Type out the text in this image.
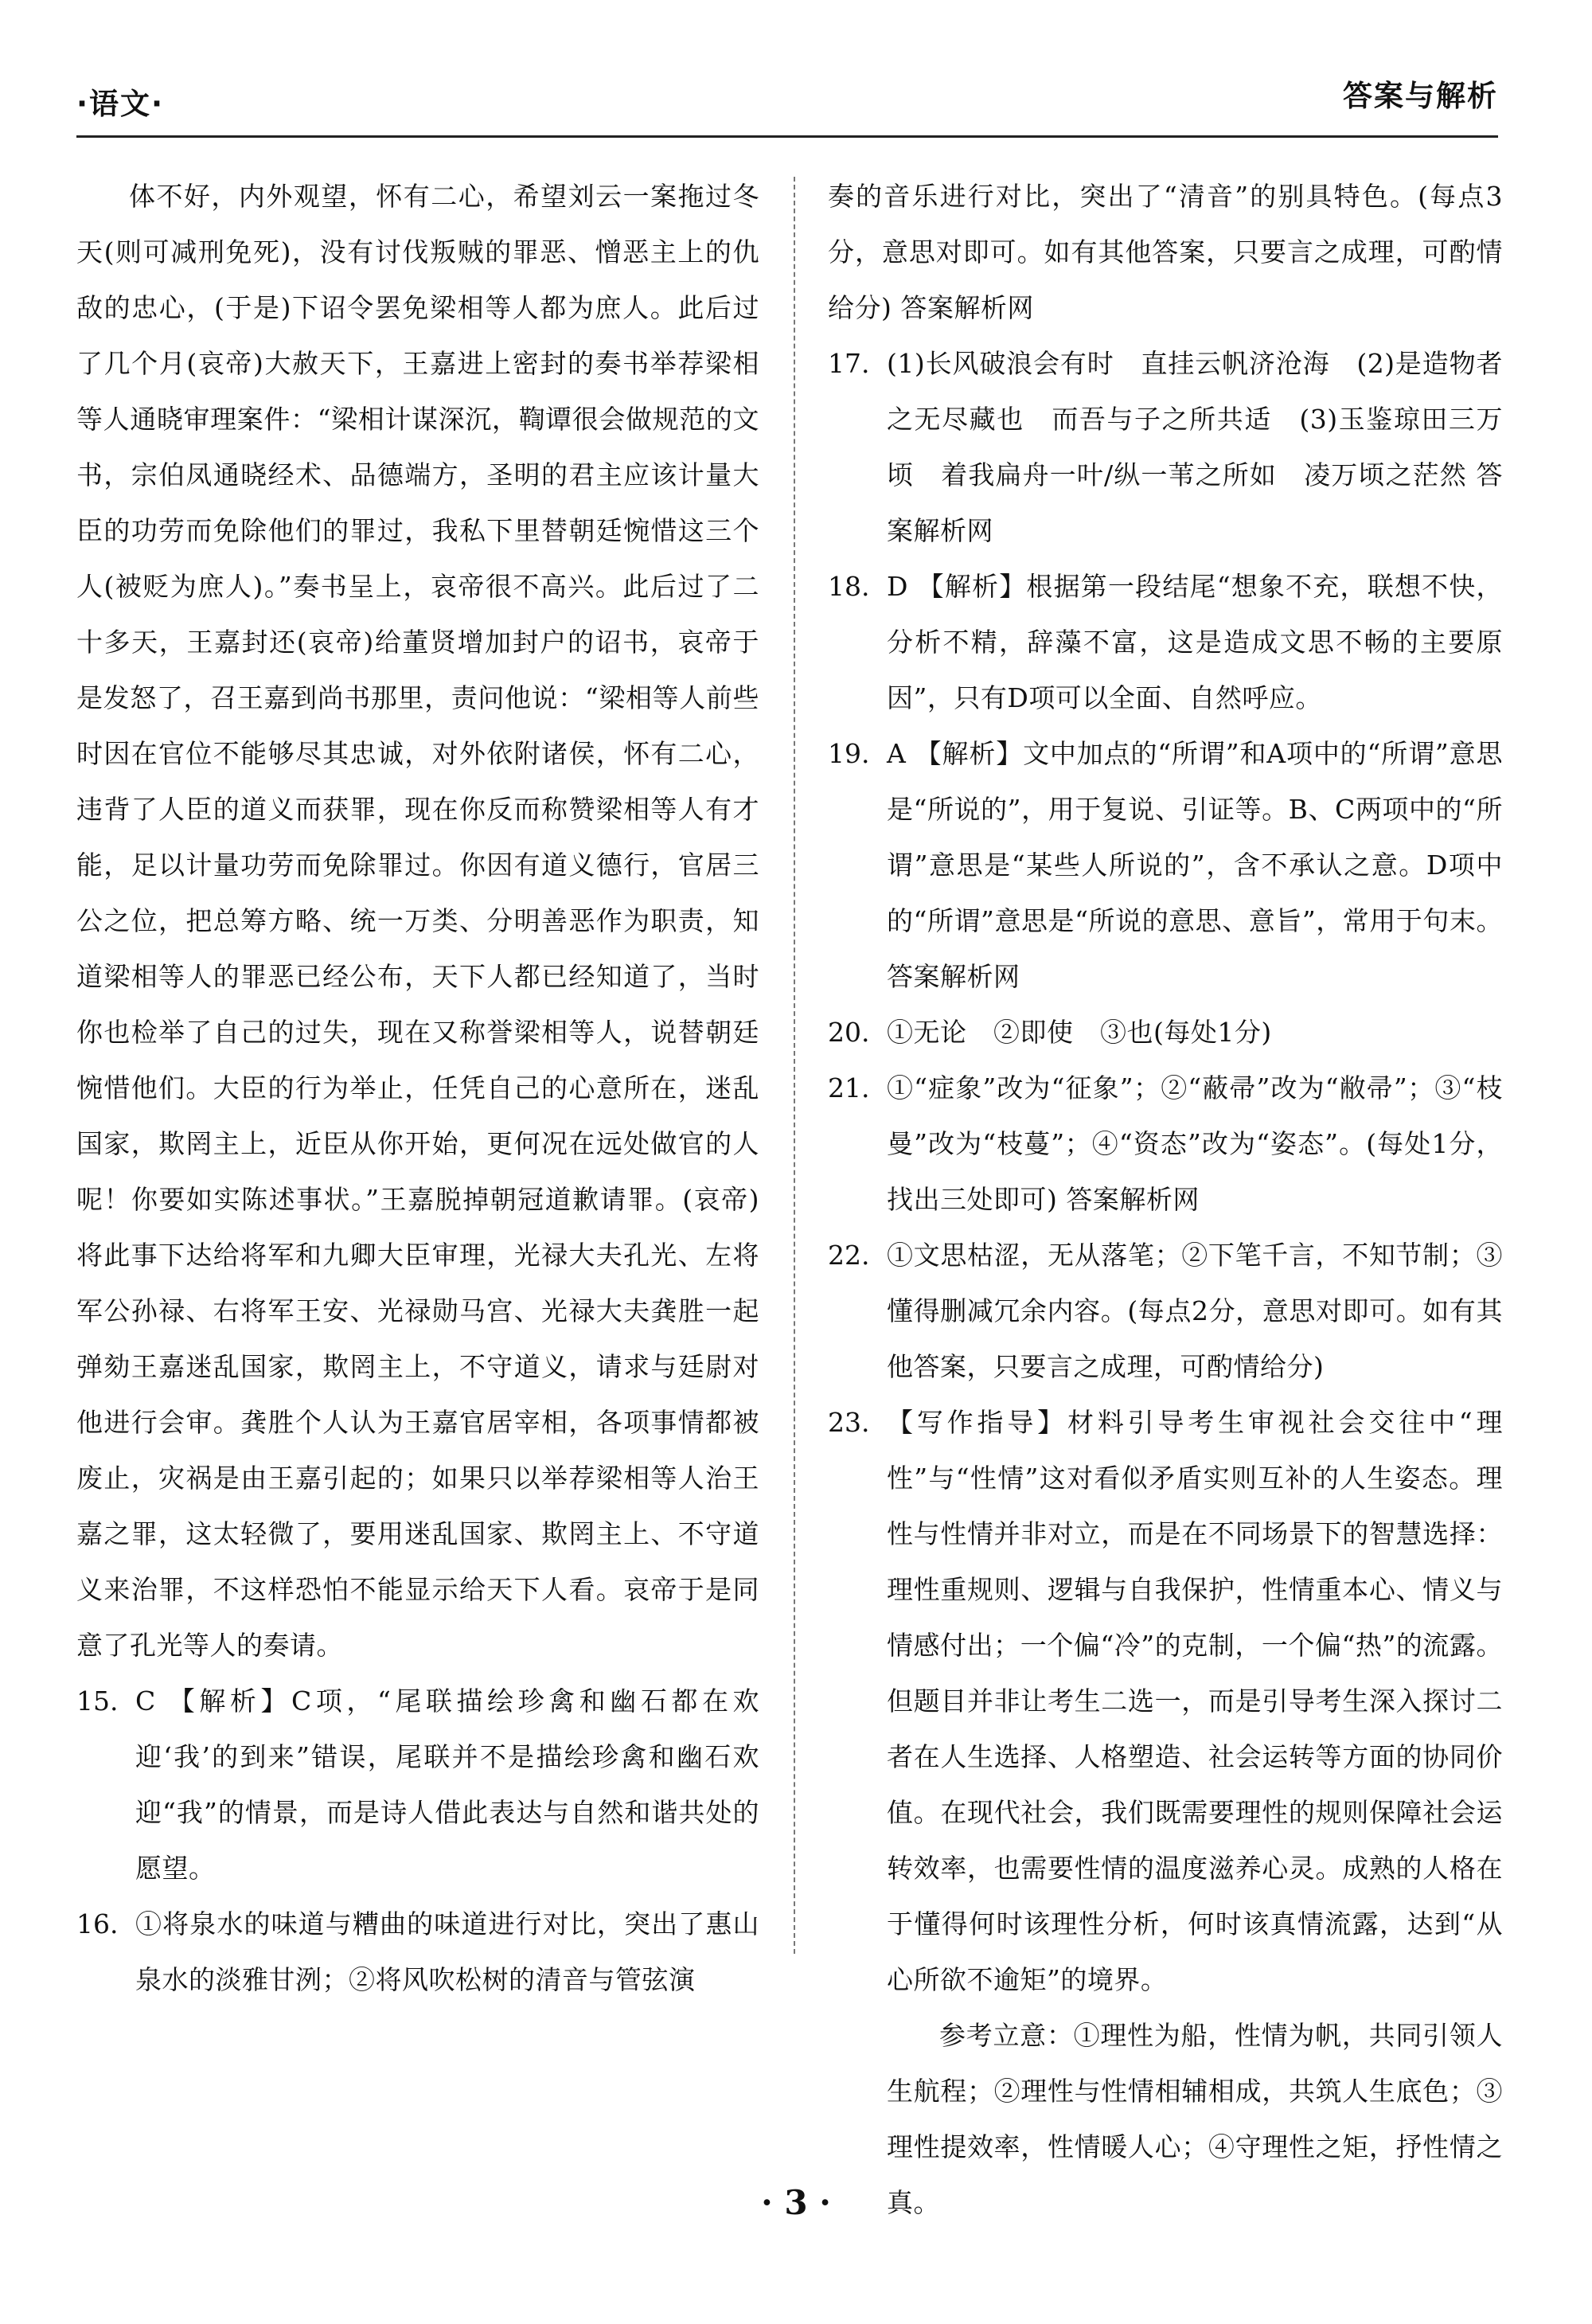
·语文·	答案与解析

体不好，内外观望，怀有二心，希望刘云一案拖过冬天(则可减刑免死)，没有讨伐叛贼的罪恶、憎恶主上的仇敌的忠心，(于是)下诏令罢免梁相等人都为庶人。此后过了几个月(哀帝)大赦天下，王嘉进上密封的奏书举荐梁相等人通晓审理案件：“梁相计谋深沉，鞫谭很会做规范的文书，宗伯凤通晓经术、品德端方，圣明的君主应该计量大臣的功劳而免除他们的罪过，我私下里替朝廷惋惜这三个人(被贬为庶人)。”奏书呈上，哀帝很不高兴。此后过了二十多天，王嘉封还(哀帝)给董贤增加封户的诏书，哀帝于是发怒了，召王嘉到尚书那里，责问他说：“梁相等人前些时因在官位不能够尽其忠诚，对外依附诸侯，怀有二心，违背了人臣的道义而获罪，现在你反而称赞梁相等人有才能，足以计量功劳而免除罪过。你因有道义德行，官居三公之位，把总筹方略、统一万类、分明善恶作为职责，知道梁相等人的罪恶已经公布，天下人都已经知道了，当时你也检举了自己的过失，现在又称誉梁相等人，说替朝廷惋惜他们。大臣的行为举止，任凭自己的心意所在，迷乱国家，欺罔主上，近臣从你开始，更何况在远处做官的人呢！你要如实陈述事状。”王嘉脱掉朝冠道歉请罪。(哀帝)将此事下达给将军和九卿大臣审理，光禄大夫孔光、左将军公孙禄、右将军王安、光禄勋马宫、光禄大夫龚胜一起弹劾王嘉迷乱国家，欺罔主上，不守道义，请求与廷尉对他进行会审。龚胜个人认为王嘉官居宰相，各项事情都被废止，灾祸是由王嘉引起的；如果只以举荐梁相等人治王嘉之罪，这太轻微了，要用迷乱国家、欺罔主上、不守道义来治罪，不这样恐怕不能显示给天下人看。哀帝于是同意了孔光等人的奏请。

15. C 【解析】C项，“尾联描绘珍禽和幽石都在欢迎‘我’的到来”错误，尾联并不是描绘珍禽和幽石欢迎“我”的情景，而是诗人借此表达与自然和谐共处的愿望。
16. ①将泉水的味道与糟曲的味道进行对比，突出了惠山泉水的淡雅甘洌；②将风吹松树的清音与管弦演

奏的音乐进行对比，突出了“清音”的别具特色。(每点3分，意思对即可。如有其他答案，只要言之成理，可酌情给分) 答案解析网

17. (1)长风破浪会有时　直挂云帆济沧海　(2)是造物者之无尽藏也　而吾与子之所共适　(3)玉鉴琼田三万顷　着我扁舟一叶/纵一苇之所如　凌万顷之茫然 答案解析网
18. D 【解析】根据第一段结尾“想象不充，联想不快，分析不精，辞藻不富，这是造成文思不畅的主要原因”，只有D项可以全面、自然呼应。
19. A 【解析】文中加点的“所谓”和A项中的“所谓”意思是“所说的”，用于复说、引证等。B、C两项中的“所谓”意思是“某些人所说的”，含不承认之意。D项中的“所谓”意思是“所说的意思、意旨”，常用于句末。答案解析网
20. ①无论　②即使　③也(每处1分)
21. ①“症象”改为“征象”；②“蔽帚”改为“敝帚”；③“枝曼”改为“枝蔓”；④“资态”改为“姿态”。(每处1分，找出三处即可) 答案解析网
22. ①文思枯涩，无从落笔；②下笔千言，不知节制；③懂得删减冗余内容。(每点2分，意思对即可。如有其他答案，只要言之成理，可酌情给分)
23. 【写作指导】材料引导考生审视社会交往中“理性”与“性情”这对看似矛盾实则互补的人生姿态。理性与性情并非对立，而是在不同场景下的智慧选择：理性重规则、逻辑与自我保护，性情重本心、情义与情感付出；一个偏“冷”的克制，一个偏“热”的流露。但题目并非让考生二选一，而是引导考生深入探讨二者在人生选择、人格塑造、社会运转等方面的协同价值。在现代社会，我们既需要理性的规则保障社会运转效率，也需要性情的温度滋养心灵。成熟的人格在于懂得何时该理性分析，何时该真情流露，达到“从心所欲不逾矩”的境界。

参考立意：①理性为船，性情为帆，共同引领人生航程；②理性与性情相辅相成，共筑人生底色；③理性提效率，性情暖人心；④守理性之矩，抒性情之真。

· 3 ·
